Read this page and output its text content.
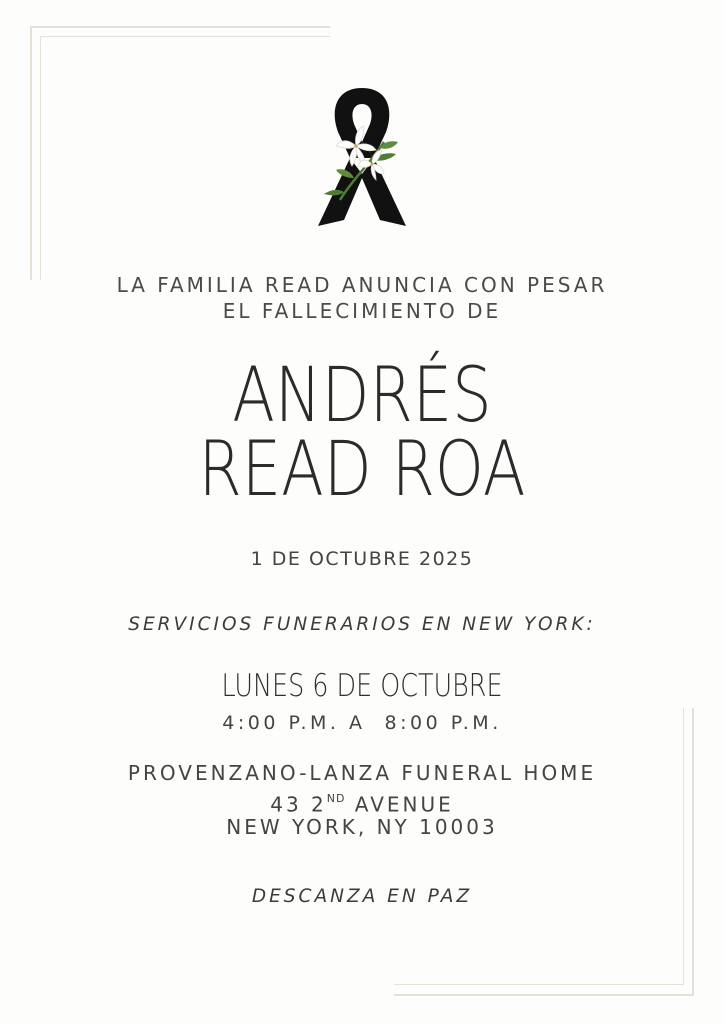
LA FAMILIA READ ANUNCIA CON PESAR
EL FALLECIMIENTO DE
ANDRÉS
READ ROA
1 DE OCTUBRE 2025
SERVICIOS FUNERARIOS EN NEW YORK:
LUNES 6 DE OCTUBRE
4:00 P.M. A  8:00 P.M.
PROVENZANO-LANZA FUNERAL HOME
43 2ND AVENUE
NEW YORK, NY 10003
DESCANZA EN PAZ
